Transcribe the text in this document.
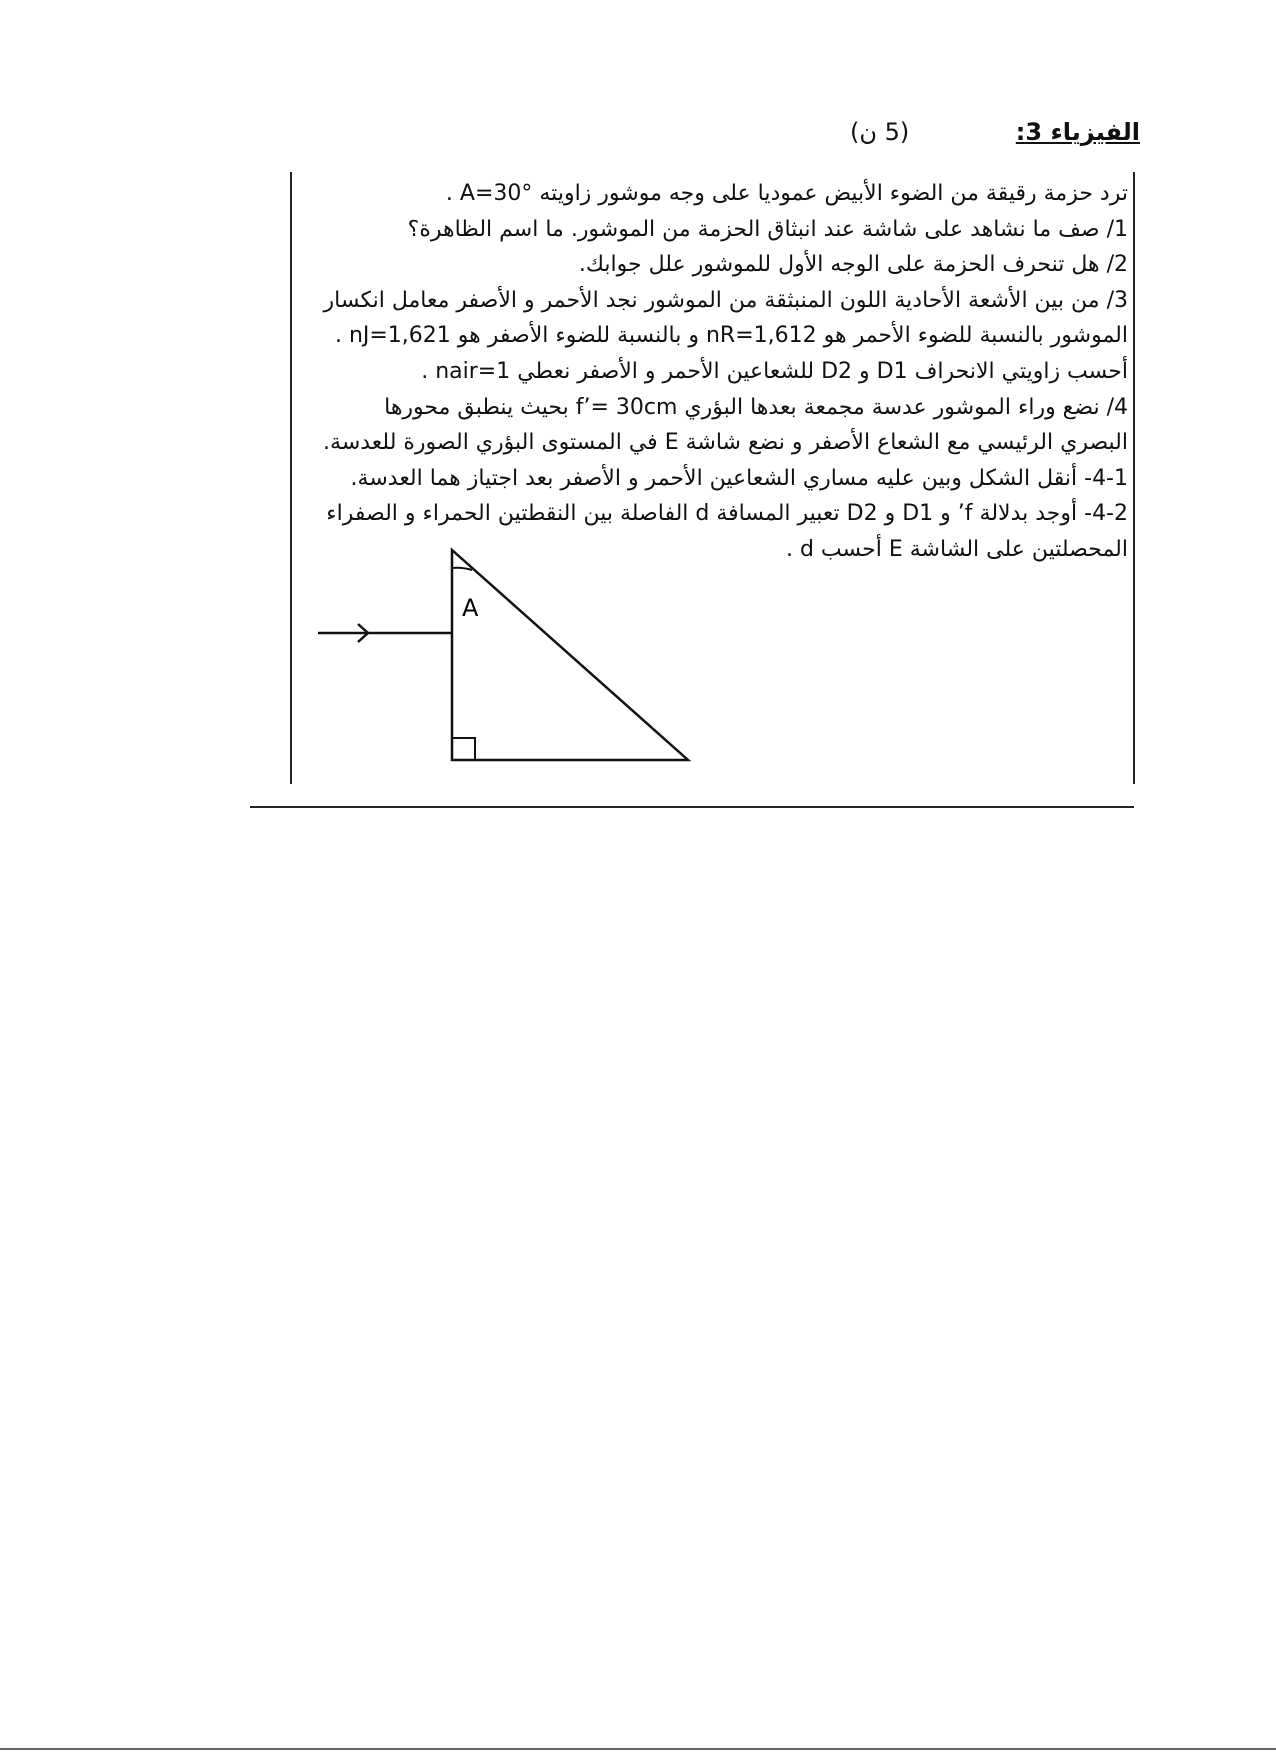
الفيزياء 3:
(5 ن)
ترد حزمة رقيقة من الضوء الأبيض عموديا على وجه موشور زاويته A=30° .
1/ صف ما نشاهد على شاشة عند انبثاق الحزمة من الموشور. ما اسم الظاهرة؟
2/ هل تنحرف الحزمة على الوجه الأول للموشور علل جوابك.
3/ من بين الأشعة الأحادية اللون المنبثقة من الموشور نجد الأحمر و الأصفر معامل انكسار
الموشور بالنسبة للضوء الأحمر هو nR=1,612 و بالنسبة للضوء الأصفر هو nJ=1,621 .
أحسب زاويتي الانحراف D1 و D2 للشعاعين الأحمر و الأصفر نعطي nair=1 .
4/ نضع وراء الموشور عدسة مجمعة بعدها البؤري f’= 30cm بحيث ينطبق محورها
البصري الرئيسي مع الشعاع الأصفر و نضع شاشة E في المستوى البؤري الصورة للعدسة.
4-1- أنقل الشكل وبين عليه مساري الشعاعين الأحمر و الأصفر بعد اجتياز هما العدسة.
4-2- أوجد بدلالة f’ و D1 و D2 تعبير المسافة d الفاصلة بين النقطتين الحمراء و الصفراء
المحصلتين على الشاشة E أحسب d .
A
